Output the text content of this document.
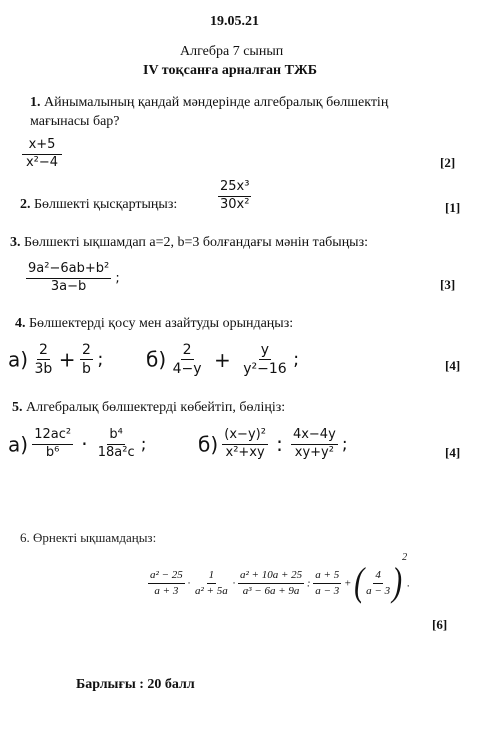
19.05.21
Алгебра 7 сынып
IV тоқсанға арналған ТЖБ
1. Айнымалының қандай мәндерінде алгебралық бөлшектің
мағынасы бар?
$\frac{x+5}{\text{x²−4}}$	[2]
2. Бөлшекті қысқартыңыз:	$\frac{\text{25x³}}{\text{30x²}}$	[1]
3. Бөлшекті ықшамдап a=2, b=3 болғандағы мәнін табыңыз:
$\frac{\text{9a²−6ab+b²}}{3a-b}$ ;	[3]
4. Бөлшектерді қосу мен азайтуды орындаңыз:
$а) \frac{2}{3b} + \frac{2}{b}$ ; $б) \frac{2}{4-y} + \frac{y}{\text{y²−16}}$ ;	[4]
5. Алгебралық бөлшектерді көбейтіп, бөліңіз:
$а) \frac{\text{12ac²}}{\text{b⁶}} \cdot \frac{\text{b⁴}}{\text{18a²c}}$ ;	$б) \frac{\text{(x−y)²}}{\text{x²+xy}}$ : $\frac{4x-4y}{\text{xy+y²}}$ ;	[4]
6. Өрнекті ықшамдаңыз:
$\frac{\text{a² − 25}}{a + 3} \cdot \frac{1}{\text{a² + 5a}} \cdot \frac{\text{a² + 10a + 25}}{\text{a³ − 6a + 9a}}$ : $\frac{a + 5}{a - 3}$ + ( $\frac{4}{a - 3} )^2$.
[6]
Барлығы : 20 балл
